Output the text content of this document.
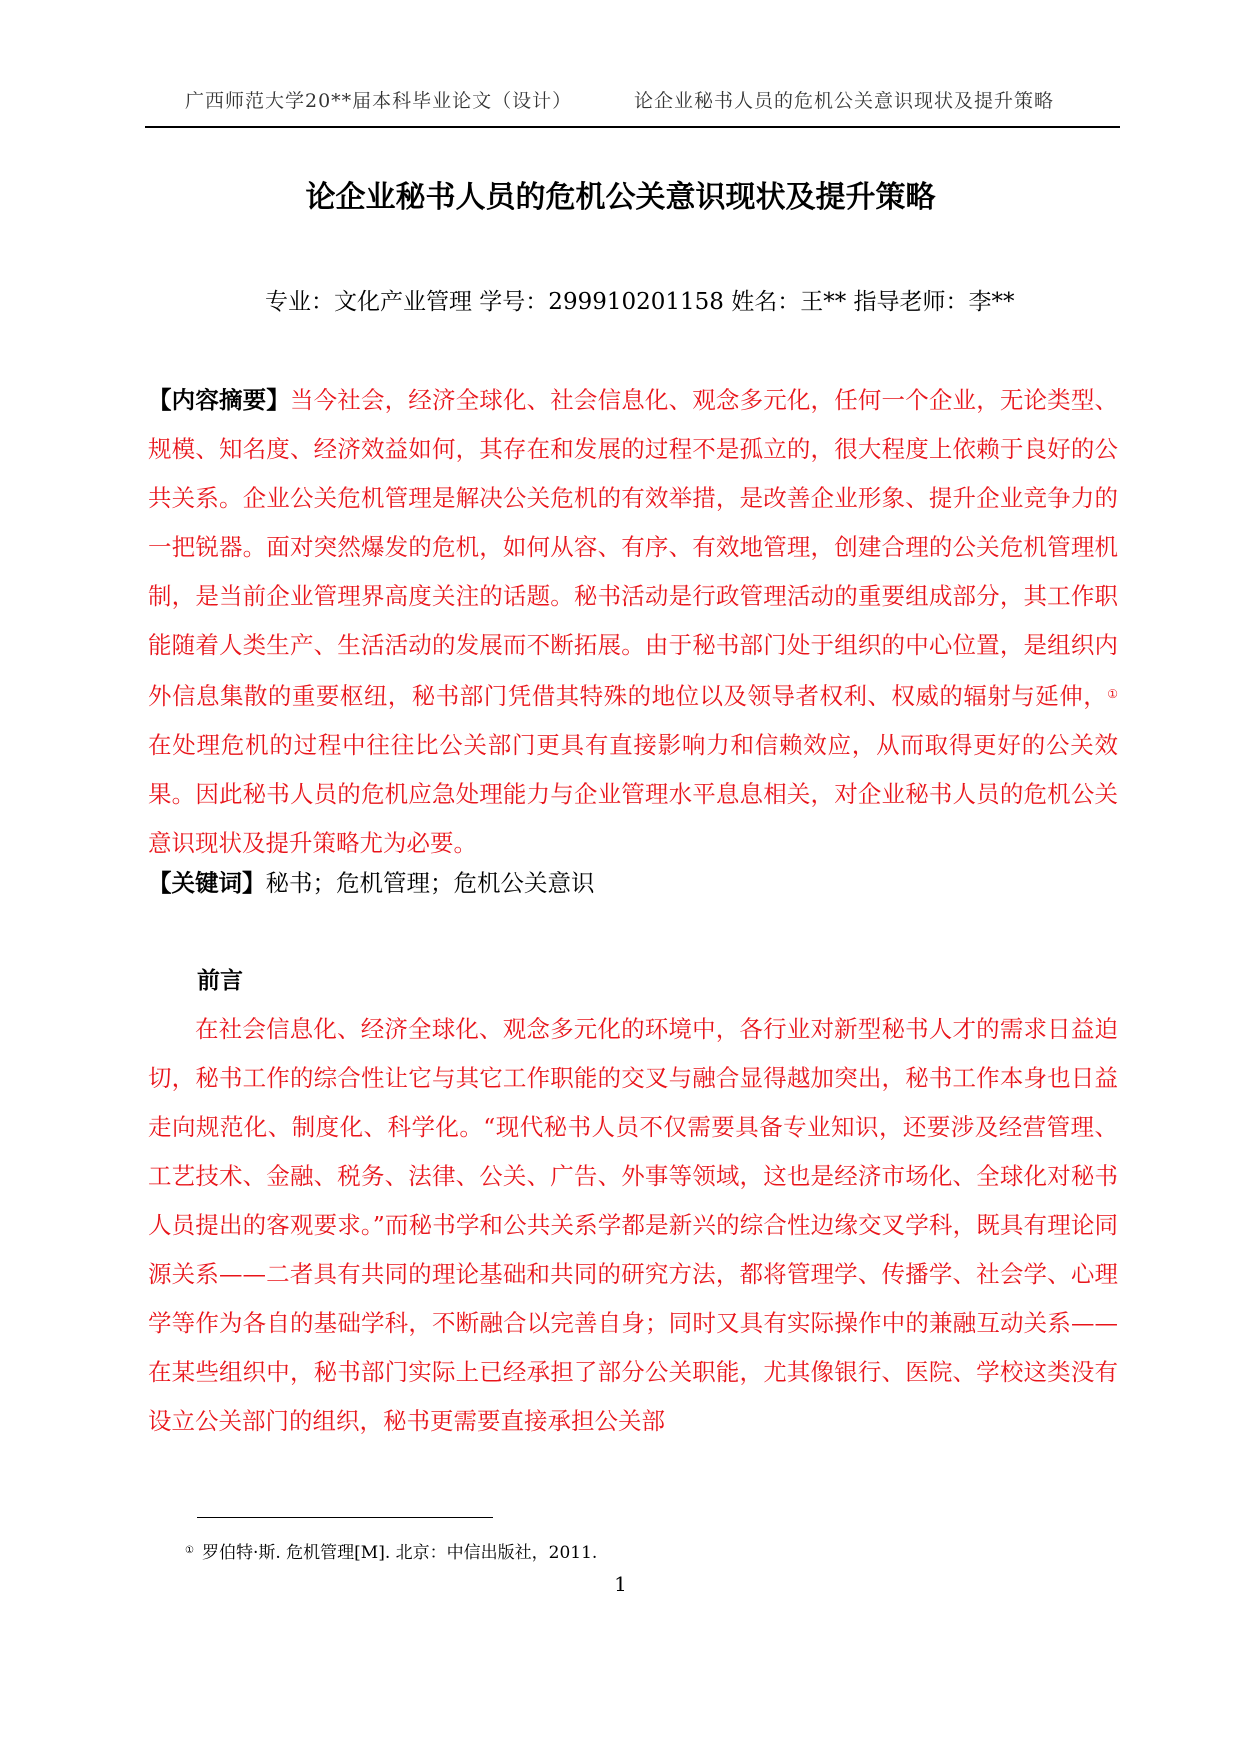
广西师范大学20**届本科毕业论文（设计）	论企业秘书人员的危机公关意识现状及提升策略
论企业秘书人员的危机公关意识现状及提升策略
专业：文化产业管理 学号：299910201158 姓名：王** 指导老师：李**
【内容摘要】当今社会，经济全球化、社会信息化、观念多元化，任何一个企业，无论类型、规模、知名度、经济效益如何，其存在和发展的过程不是孤立的，很大程度上依赖于良好的公共关系。企业公关危机管理是解决公关危机的有效举措，是改善企业形象、提升企业竞争力的一把锐器。面对突然爆发的危机，如何从容、有序、有效地管理，创建合理的公关危机管理机制，是当前企业管理界高度关注的话题。秘书活动是行政管理活动的重要组成部分，其工作职能随着人类生产、生活活动的发展而不断拓展。由于秘书部门处于组织的中心位置，是组织内外信息集散的重要枢纽，秘书部门凭借其特殊的地位以及领导者权利、权威的辐射与延伸，①在处理危机的过程中往往比公关部门更具有直接影响力和信赖效应，从而取得更好的公关效果。因此秘书人员的危机应急处理能力与企业管理水平息息相关，对企业秘书人员的危机公关意识现状及提升策略尤为必要。
【关键词】秘书；危机管理；危机公关意识
前言
在社会信息化、经济全球化、观念多元化的环境中，各行业对新型秘书人才的需求日益迫切，秘书工作的综合性让它与其它工作职能的交叉与融合显得越加突出，秘书工作本身也日益走向规范化、制度化、科学化。“现代秘书人员不仅需要具备专业知识，还要涉及经营管理、工艺技术、金融、税务、法律、公关、广告、外事等领域，这也是经济市场化、全球化对秘书人员提出的客观要求。”而秘书学和公共关系学都是新兴的综合性边缘交叉学科，既具有理论同源关系——二者具有共同的理论基础和共同的研究方法，都将管理学、传播学、社会学、心理学等作为各自的基础学科，不断融合以完善自身；同时又具有实际操作中的兼融互动关系——在某些组织中，秘书部门实际上已经承担了部分公关职能，尤其像银行、医院、学校这类没有设立公关部门的组织，秘书更需要直接承担公关部
① 罗伯特·斯. 危机管理[M]. 北京：中信出版社，2011.
1
